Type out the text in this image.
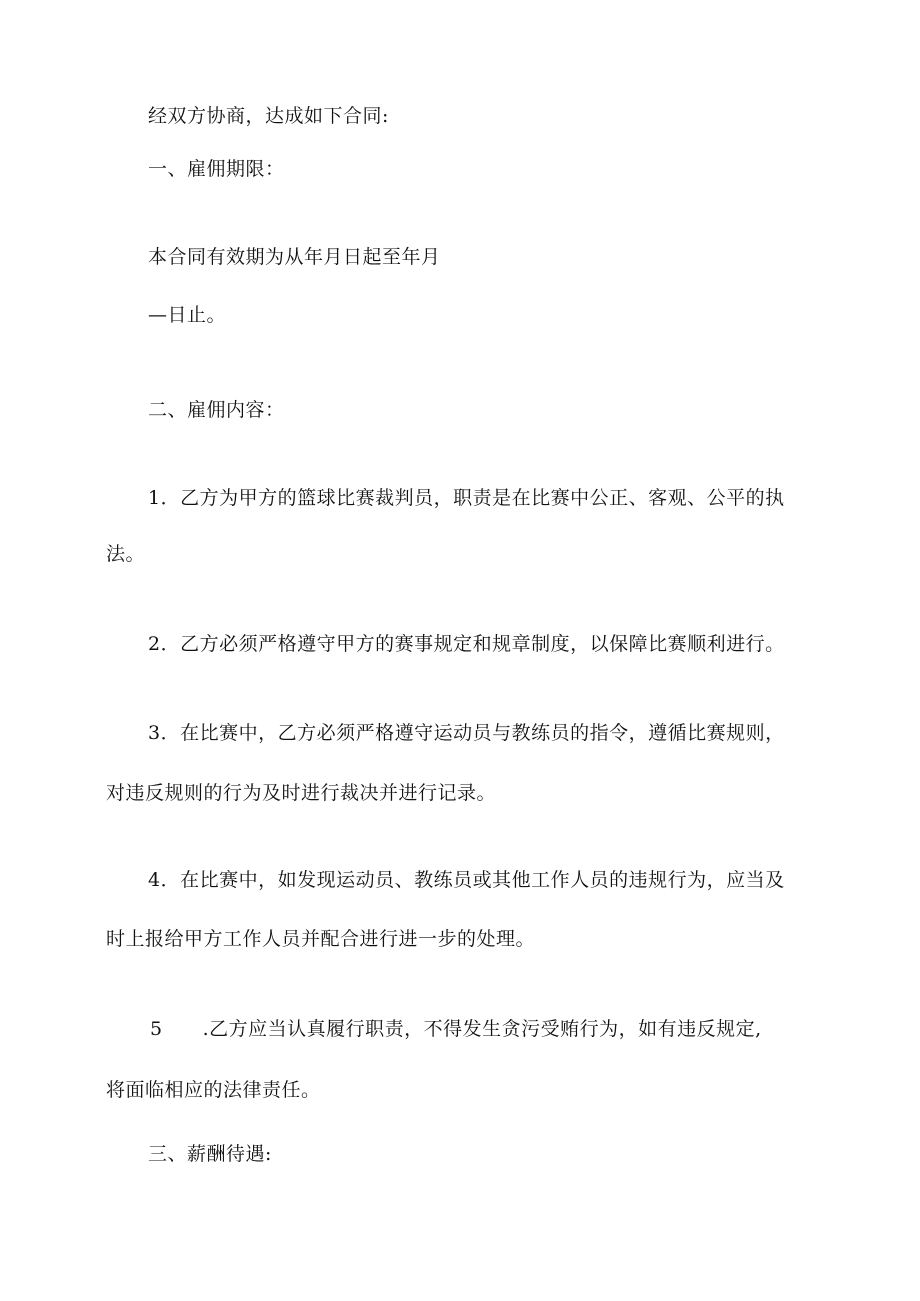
经双方协商，达成如下合同:
一、雇佣期限：
本合同有效期为从年月日起至年月
—日止。
二、雇佣内容：
1．乙方为甲方的篮球比赛裁判员，职责是在比赛中公正、客观、公平的执
法。
2．乙方必须严格遵守甲方的赛事规定和规章制度，以保障比赛顺利进行。
3．在比赛中，乙方必须严格遵守运动员与教练员的指令，遵循比赛规则，
对违反规则的行为及时进行裁决并进行记录。
4．在比赛中，如发现运动员、教练员或其他工作人员的违规行为，应当及
时上报给甲方工作人员并配合进行进一步的处理。
5 .乙方应当认真履行职责，不得发生贪污受贿行为，如有违反规定,
将面临相应的法律责任。
三、薪酬待遇:
